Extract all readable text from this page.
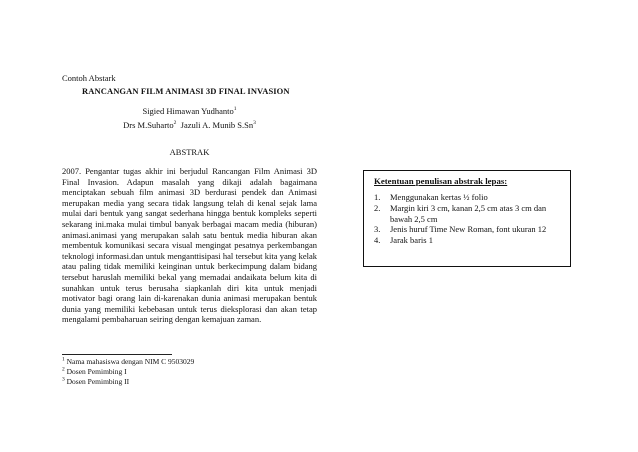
Contoh Abstark
RANCANGAN FILM ANIMASI 3D FINAL INVASION
Sigied Himawan Yudhanto$^1$
Drs M.Suharto$^2$ Jazuli A. Munib S.Sn$^3$
ABSTRAK

2007. Pengantar tugas akhir ini berjudul Rancangan Film Animasi 3D Final Invasion. Adapun masalah yang dikaji adalah bagaimana menciptakan sebuah film animasi 3D berdurasi pendek dan Animasi merupakan media yang secara tidak langsung telah di kenal sejak lama mulai dari bentuk yang sangat sederhana hingga bentuk kompleks seperti sekarang ini.maka mulai timbul banyak berbagai macam media (hiburan) animasi.animasi yang merupakan salah satu bentuk media hiburan akan membentuk komunikasi secara visual mengingat pesatnya perkembangan teknologi informasi.dan untuk menganttisipasi hal tersebut kita yang kelak atau paling tidak memiliki keinginan untuk berkecimpung dalam bidang tersebut haruslah memiliki bekal yang memadai andaikata belum kita di sunahkan untuk terus berusaha siapkanlah diri kita untuk menjadi motivator bagi orang lain di-karenakan dunia animasi merupakan bentuk dunia yang memiliki kebebasan untuk terus dieksplorasi dan akan tetap mengalami pembaharuan seiring dengan kemajuan zaman.

$^1$ Nama mahasiswa dengan NIM C 9503029
$^2$ Dosen Pemimbing I
$^3$ Dosen Pemimbing II
Ketentuan penulisan abstrak lepas:
1.	Menggunakan kertas ½ folio
2.	Margin kiri 3 cm, kanan 2,5 cm atas 3 cm dan bawah 2,5 cm
3.	Jenis huruf Time New Roman, font ukuran 12
4.	Jarak baris 1
